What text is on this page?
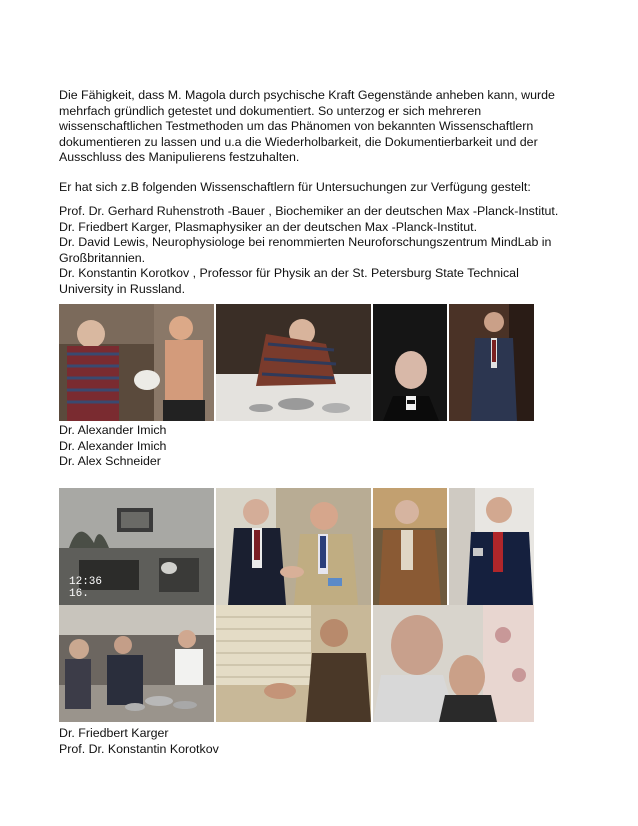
Die Fähigkeit, dass M. Magola durch psychische Kraft Gegenstände anheben kann, wurde
mehrfach gründlich getestet und dokumentiert. So unterzog er sich mehreren
wissenschaftlichen Testmethoden um das Phänomen von bekannten Wissenschaftlern
dokumentieren zu lassen und u.a die Wiederholbarkeit, die Dokumentierbarkeit und der
Ausschluss des Manipulierens festzuhalten.
Er hat sich z.B folgenden Wissenschaftlern für Untersuchungen zur Verfügung gestelt:
Prof. Dr. Gerhard Ruhenstroth -Bauer , Biochemiker an der deutschen Max -Planck-Institut.
Dr. Friedbert Karger, Plasmaphysiker an der deutschen Max -Planck-Institut.
Dr. David Lewis, Neurophysiologe bei renommierten Neuroforschungszentrum MindLab in
Großbritannien.
Dr. Konstantin Korotkov , Professor für Physik an der St. Petersburg State Technical
University in Russland.
Dr. Alexander Imich
Dr. Alexander Imich
Dr. Alex Schneider
12:36
16.
Dr. Friedbert Karger
Prof. Dr. Konstantin Korotkov
